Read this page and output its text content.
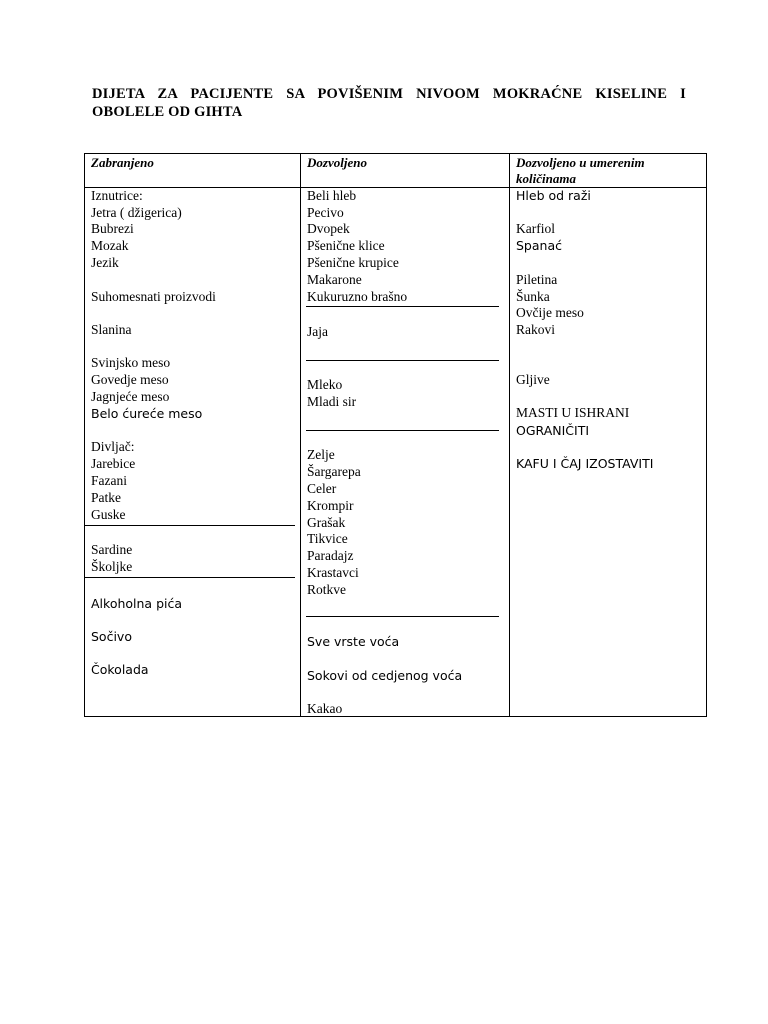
DIJETA ZA PACIJENTE SA POVIŠENIM NIVOOM MOKRAĆNE KISELINE I
OBOLELE OD GIHTA
Zabranjeno
Iznutrice:
Jetra ( džigerica)
Bubrezi
Mozak
Jezik
Suhomesnati proizvodi
Slanina
Svinjsko meso
Govedje meso
Jagnjeće meso
Belo ćureće meso
Divljač:
Jarebice
Fazani
Patke
Guske
Sardine
Školjke
Alkoholna pića
Sočivo
Čokolada
Dozvoljeno
Beli hleb
Pecivo
Dvopek
Pšenične klice
Pšenične krupice
Makarone
Kukuruzno brašno
Jaja
Mleko
Mladi sir
Zelje
Šargarepa
Celer
Krompir
Grašak
Tikvice
Paradajz
Krastavci
Rotkve
Sve vrste voća
Sokovi od cedjenog voća
Kakao
Dozvoljeno u umerenim količinama
Hleb od raži
Karfiol
Spanać
Piletina
Šunka
Ovčije meso
Rakovi
Gljive
MASTI U ISHRANI
OGRANIČITI
KAFU I ČAJ IZOSTAVITI
